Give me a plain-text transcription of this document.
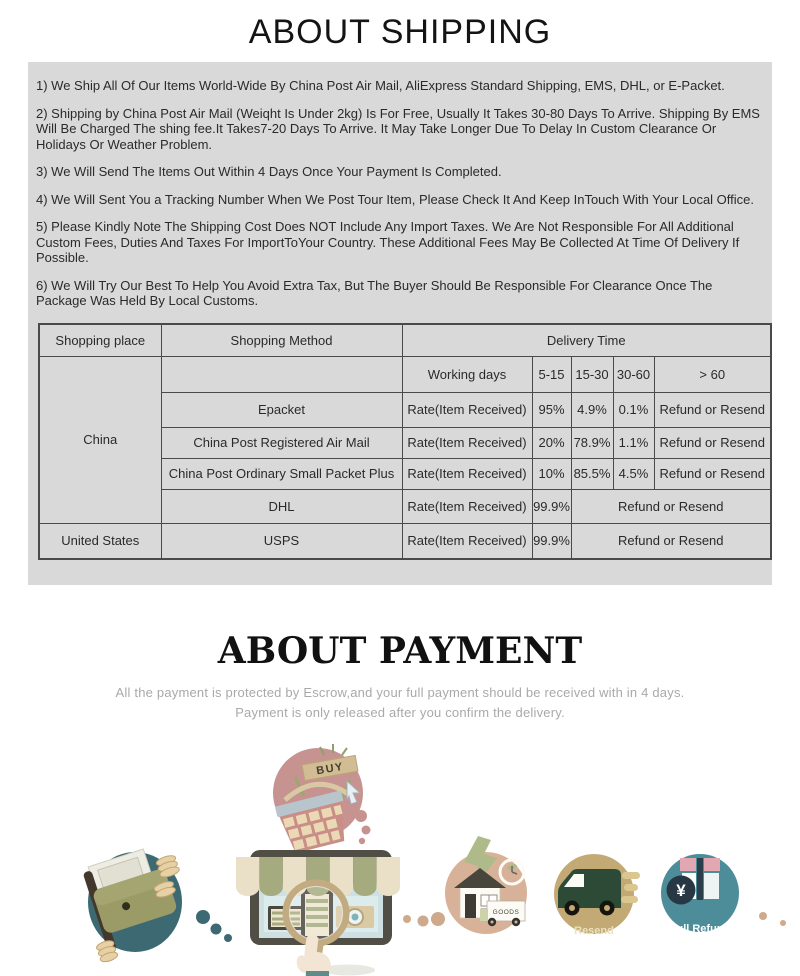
ABOUT SHIPPING

1) We Ship All Of Our Items World-Wide By China Post Air Mail, AliExpress Standard Shipping, EMS, DHL, or E-Packet.

2) Shipping by China Post Air Mail (Weiqht Is Under 2kg) Is For Free, Usually It Takes 30-80 Days To Arrive. Shipping By EMS Will Be Charged The shing fee.It Takes7-20 Days To Arrive. It May Take Longer Due To Delay In Custom Clearance Or Holidays Or Weather Problem.

3) We Will Send The Items Out Within 4 Days Once Your Payment Is Completed.

4) We Will Sent You a Tracking Number When We Post Tour Item, Please Check It And Keep InTouch With Your Local Office.

5) Please Kindly Note The Shipping Cost Does NOT Include Any Import Taxes. We Are Not Responsible For All Additional Custom Fees, Duties And Taxes For ImportToYour Country. These Additional Fees May Be Collected At Time Of Delivery If Possible.

6) We Will Try Our Best To Help You Avoid Extra Tax, But The Buyer Should Be Responsible For Clearance Once The Package Was Held By Local Customs.

Shopping place	Shopping Method	Delivery Time				
China		Working days	5-15	15-30	30-60	> 60
	Epacket	Rate(Item Received)	95%	4.9%	0.1%	Refund or Resend
	China Post Registered Air Mail	Rate(Item Received)	20%	78.9%	1.1%	Refund or Resend
	China Post Ordinary Small Packet Plus	Rate(Item Received)	10%	85.5%	4.5%	Refund or Resend
	DHL	Rate(Item Received)	99.9%	Refund or Resend		
United States	USPS	Rate(Item Received)	99.9%	Refund or Resend		
ABOUT PAYMENT

All the payment is protected by Escrow,and your full payment should be received with in 4 days.
Payment is only released after you confirm the delivery.

BUY
GOODS
Resend
¥
Full Refund
